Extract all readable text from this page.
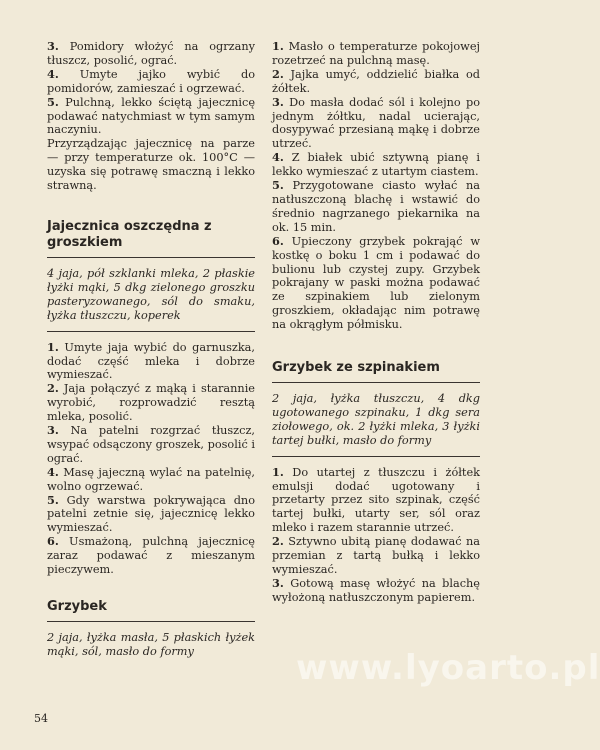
3. Pomidory włożyć na ogrzany tłuszcz, posolić, ograć.

4. Umyte jajko wybić do pomidorów, zamieszać i ogrzewać.

5. Pulchną, lekko ściętą jajecznicę podawać natychmiast w tym samym naczyniu.

Przyrządzając jajecznicę na parze — przy temperaturze ok. 100°C — uzyska się potrawę smaczną i lekko strawną.

Jajecznica oszczędna z groszkiem

4 jaja, pół szklanki mleka, 2 płaskie łyżki mąki, 5 dkg zielonego groszku pasteryzowanego, sól do smaku, łyżka tłuszczu, koperek

1. Umyte jaja wybić do garnuszka, dodać część mleka i dobrze wymieszać.

2. Jaja połączyć z mąką i starannie wyrobić, rozprowadzić resztą mleka, posolić.

3. Na patelni rozgrzać tłuszcz, wsypać odsączony groszek, posolić i ograć.

4. Masę jajeczną wylać na patelnię, wolno ogrzewać.

5. Gdy warstwa pokrywająca dno patelni zetnie się, jajecznicę lekko wymieszać.

6. Usmażoną, pulchną jajecznicę zaraz podawać z mieszanym pieczywem.

Grzybek

2 jaja, łyżka masła, 5 płaskich łyżek mąki, sól, masło do formy

1. Masło o temperaturze pokojowej rozetrzeć na pulchną masę.

2. Jajka umyć, oddzielić białka od żółtek.

3. Do masła dodać sól i kolejno po jednym żółtku, nadal ucierając, dosypywać przesianą mąkę i dobrze utrzeć.

4. Z białek ubić sztywną pianę i lekko wymieszać z utartym ciastem.

5. Przygotowane ciasto wyłać na natłuszczoną blachę i wstawić do średnio nagrzanego piekarnika na ok. 15 min.

6. Upieczony grzybek pokrająć w kostkę o boku 1 cm i podawać do bulionu lub czystej zupy. Grzybek pokrajany w paski można podawać ze szpinakiem lub zielonym groszkiem, okładając nim potrawę na okrągłym półmisku.

Grzybek ze szpinakiem

2 jaja, łyżka tłuszczu, 4 dkg ugotowanego szpinaku, 1 dkg sera ziołowego, ok. 2 łyżki mleka, 3 łyżki tartej bułki, masło do formy

1. Do utartej z tłuszczu i żółtek emulsji dodać ugotowany i przetarty przez sito szpinak, część tartej bułki, utarty ser, sól oraz mleko i razem starannie utrzeć.

2. Sztywno ubitą pianę dodawać na przemian z tartą bułką i lekko wymieszać.

3. Gotową masę włożyć na blachę wyłożoną natłuszczonym papierem.

www.lyoarto.pl
54
